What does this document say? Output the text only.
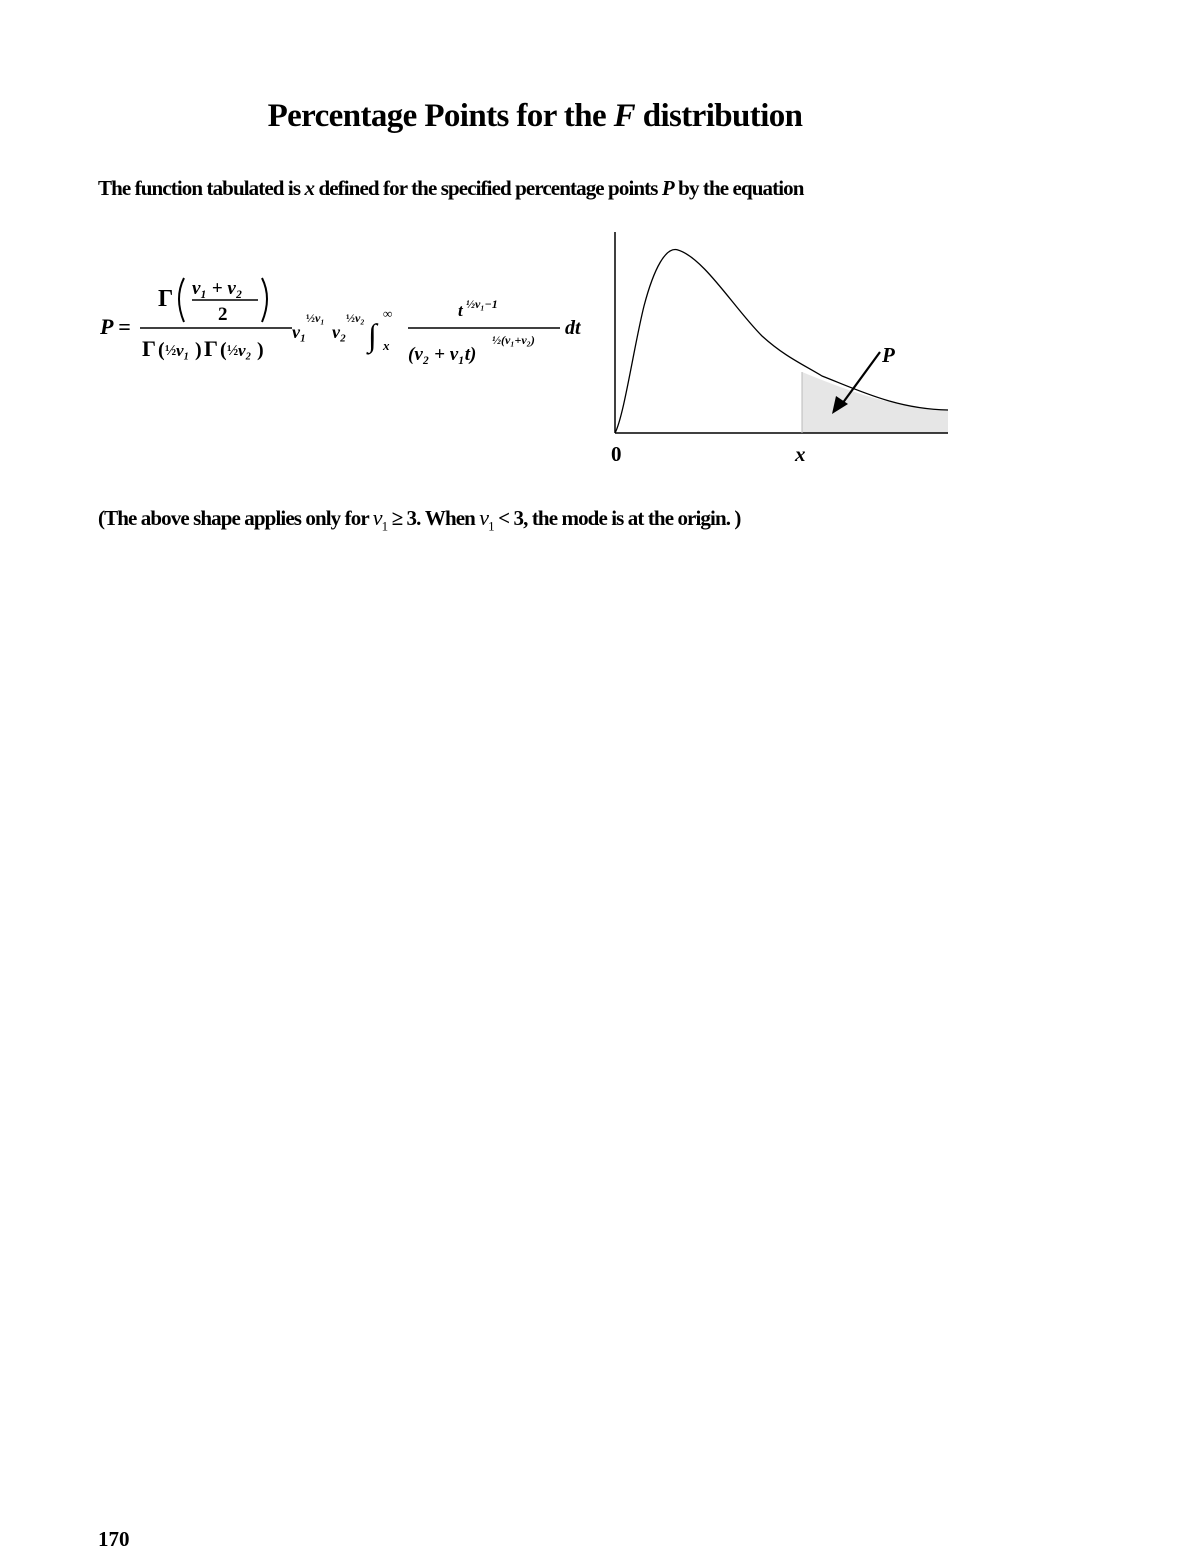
Percentage Points for the F distribution
The function tabulated is x defined for the specified percentage points P by the equation
P =
Γ ν₁ + ν₂
2
Γ ( ½ ν₁ ) Γ ( ½ ν₂ )
ν₁
½ ν₁
ν₂
½ ν₂ ∫
∞
x
t ½ν₁−1
(ν₂ + ν₁t)
½(ν₁+ν₂)
dt
0	x
P
(The above shape applies only for $\nu_1 \ge 3$. When $\nu_1 < 3$, the mode is at the origin. )
170
